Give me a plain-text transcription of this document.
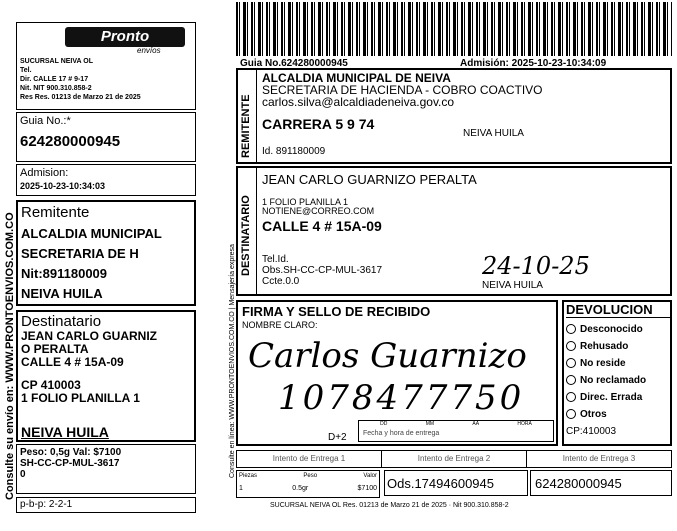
Consulte su envío en: WWW.PRONTOENVIOS.COM.CO
Pronto
envíos
SUCURSAL NEIVA OL
Tel.
Dir. CALLE 17 # 9-17
Nit. NIT 900.310.858-2
Res Res. 01213 de Marzo 21 de 2025
Guia No.:*
624280000945
Admision:
2025-10-23-10:34:03
Remitente
ALCALDIA MUNICIPAL
SECRETARIA DE H
Nit:891180009
NEIVA HUILA
Destinatario
JEAN CARLO GUARNIZ
O PERALTA
CALLE 4 # 15A-09
CP 410003
1 FOLIO PLANILLA 1
NEIVA HUILA
Peso: 0,5g Val: $7100
SH-CC-CP-MUL-3617
0
p-b-p: 2-2-1
Guia No.624280000945	Admisión: 2025-10-23-10:34:09
REMITENTE
ALCALDIA MUNICIPAL DE NEIVA
SECRETARIA DE HACIENDA - COBRO COACTIVO
carlos.silva@alcaldiadeneiva.gov.co
CARRERA 5 9 74
NEIVA HUILA
Id. 891180009
DESTINATARIO
JEAN CARLO GUARNIZO PERALTA
1 FOLIO PLANILLA 1
NOTIENE@CORREO.COM
CALLE 4 # 15A-09
Tel.Id.
Obs.SH-CC-CP-MUL-3617
Ccte.0.0
24-10-25
NEIVA HUILA
Consulte en línea: WWW.PRONTOENVIOS.COM.CO | Mensajería expresa FIRMA Y SELLO DE RECIBIDO
NOMBRE CLARO:
Carlos Guarnizo
1078477750
D+2
DD	MM	AA	HORA
Fecha y hora de entrega
DEVOLUCION
Desconocido
Rehusado
No reside
No reclamado
Direc. Errada
Otros
CP:410003
Intento de Entrega 1	Intento de Entrega 2	Intento de Entrega 3
Piezas	Peso	Valor
1	0.5gr	$7100 Ods.17494600945	624280000945
SUCURSAL NEIVA OL Res. 01213 de Marzo 21 de 2025 · Nit 900.310.858-2
